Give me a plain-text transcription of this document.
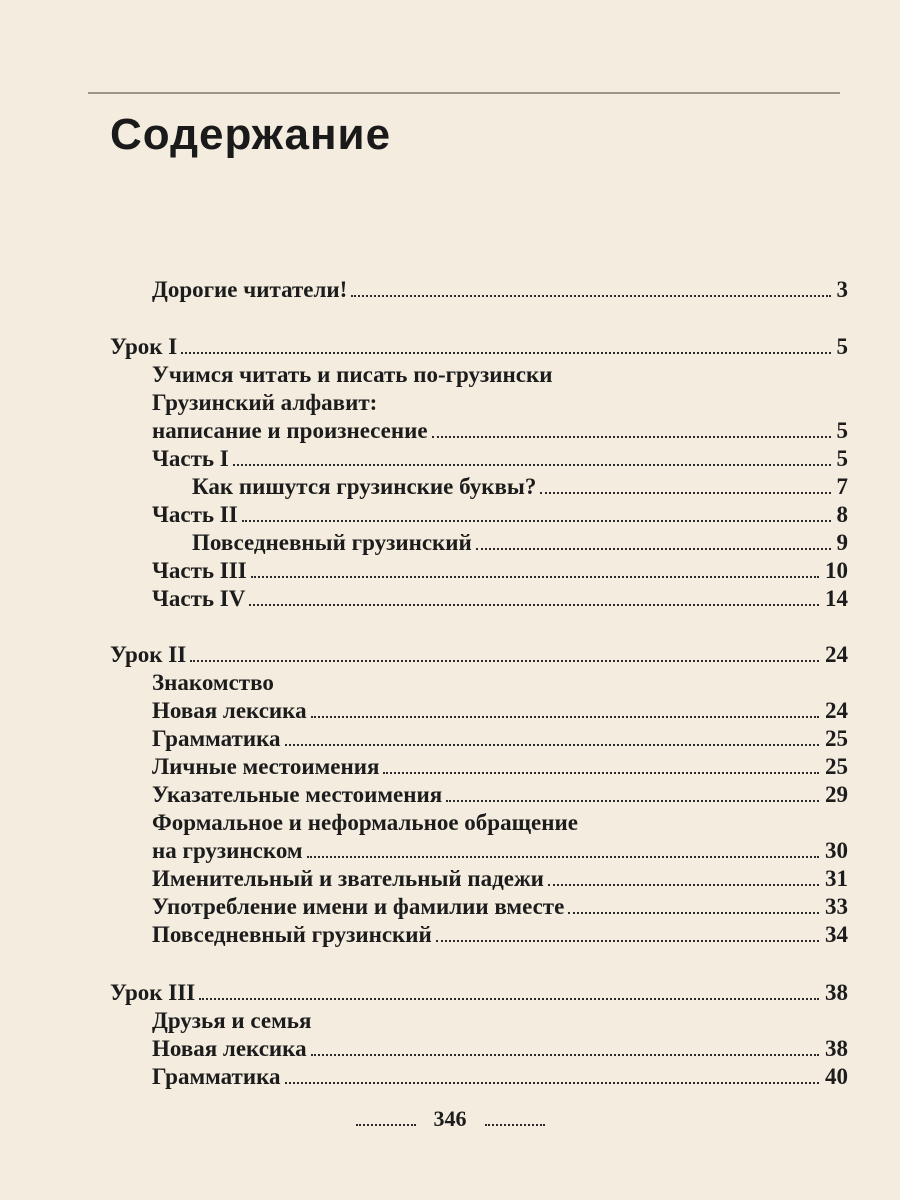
Содержание
Дорогие читатели!	3
Урок I	5
Учимся читать и писать по-грузински
Грузинский алфавит:
написание и произнесение	5
Часть I	5
Как пишутся грузинские буквы?	7
Часть II	8
Повседневный грузинский	9
Часть III	10
Часть IV	14
Урок II	24
Знакомство
Новая лексика	24
Грамматика	25
Личные местоимения	25
Указательные местоимения	29
Формальное и неформальное обращение
на грузинском	30
Именительный и звательный падежи	31
Употребление имени и фамилии вместе	33
Повседневный грузинский	34
Урок III	38
Друзья и семья
Новая лексика	38
Грамматика	40
346
